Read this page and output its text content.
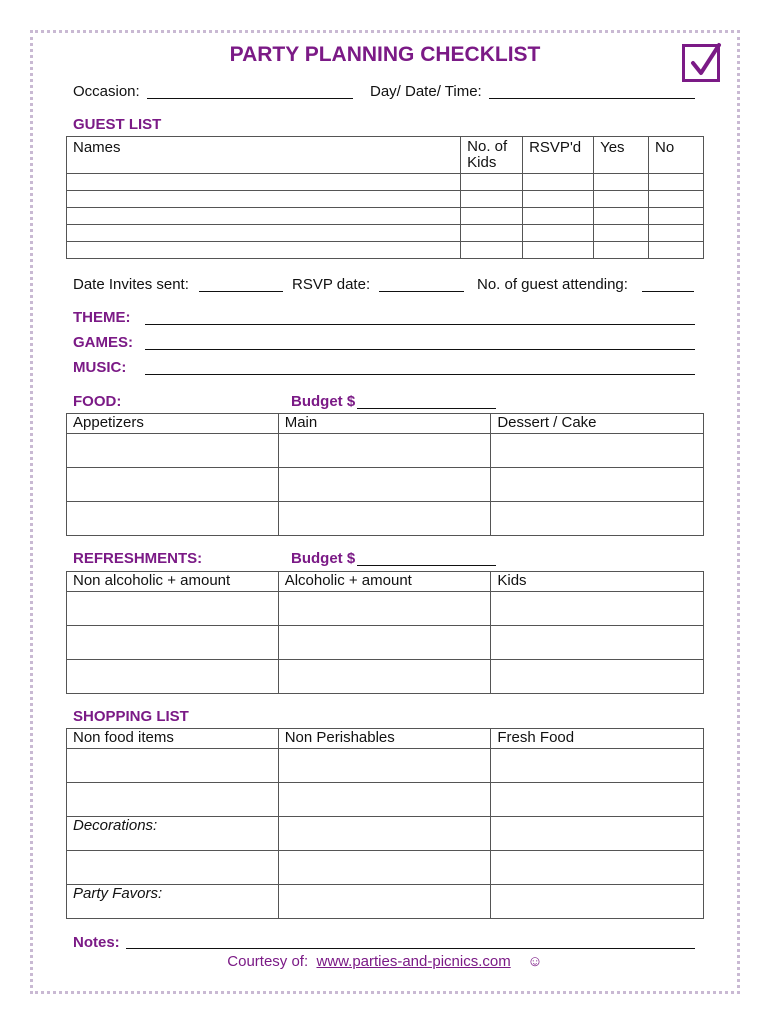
PARTY PLANNING CHECKLIST
Occasion:	Day/ Date/ Time:
GUEST LIST
Names	No. of Kids	RSVP'd	Yes	No

Date Invites sent:	RSVP date:	No. of guest attending:
THEME:
GAMES:
MUSIC:
FOOD:	Budget $
Appetizers	Main	Dessert / Cake

REFRESHMENTS:	Budget $
Non alcoholic + amount	Alcoholic + amount	Kids

SHOPPING LIST
Non food items	Non Perishables	Fresh Food

Decorations:		

Party Favors:		
Notes:
Courtesy of: www.parties-and-picnics.com ☺
